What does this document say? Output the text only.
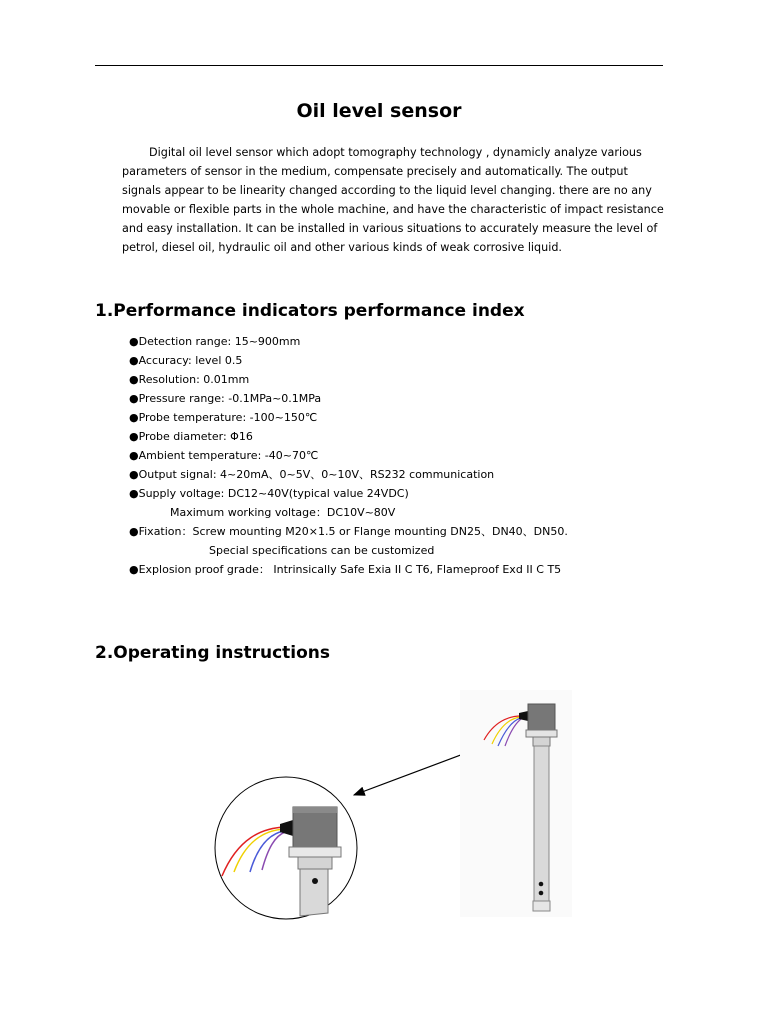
Oil level sensor

Digital oil level sensor which adopt tomography technology , dynamicly analyze various parameters of sensor in the medium, compensate precisely and automatically. The output signals appear to be linearity changed according to the liquid level changing. there are no any movable or flexible parts in the whole machine, and have the characteristic of impact resistance and easy installation. It can be installed in various situations to accurately measure the level of petrol, diesel oil, hydraulic oil and other various kinds of weak corrosive liquid.

1.Performance indicators performance index
●Detection range: 15~900mm
●Accuracy: level 0.5
●Resolution: 0.01mm
●Pressure range: -0.1MPa~0.1MPa
●Probe temperature: -100~150℃
●Probe diameter: Φ16
●Ambient temperature: -40~70℃
●Output signal: 4~20mA、0~5V、0~10V、RS232 communication
●Supply voltage: DC12~40V(typical value 24VDC)
Maximum working voltage：DC10V~80V
●Fixation：Screw mounting M20×1.5 or Flange mounting DN25、DN40、DN50.
Special specifications can be customized
●Explosion proof grade： Intrinsically Safe Exia II C T6, Flameproof Exd II C T5
2.Operating instructions
